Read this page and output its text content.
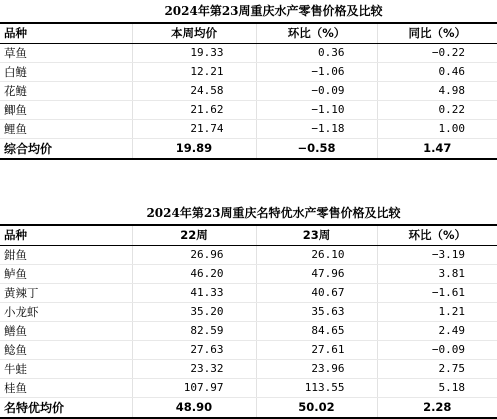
2024年第23周重庆水产零售价格及比较
品种	本周均价	环比（%）	同比（%）
草鱼	19.33	0.36	−0.22
白鲢	12.21	−1.06	0.46
花鲢	24.58	−0.09	4.98
鲫鱼	21.62	−1.10	0.22
鲤鱼	21.74	−1.18	1.00
综合均价	19.89	−0.58	1.47
2024年第23周重庆名特优水产零售价格及比较
品种	22周	23周	环比（%）
鉗鱼	26.96	26.10	−3.19
鲈鱼	46.20	47.96	3.81
黄辣丁	41.33	40.67	−1.61
小龙虾	35.20	35.63	1.21
鳝鱼	82.59	84.65	2.49
鲶鱼	27.63	27.61	−0.09
牛蛙	23.32	23.96	2.75
桂鱼	107.97	113.55	5.18
名特优均价	48.90	50.02	2.28
